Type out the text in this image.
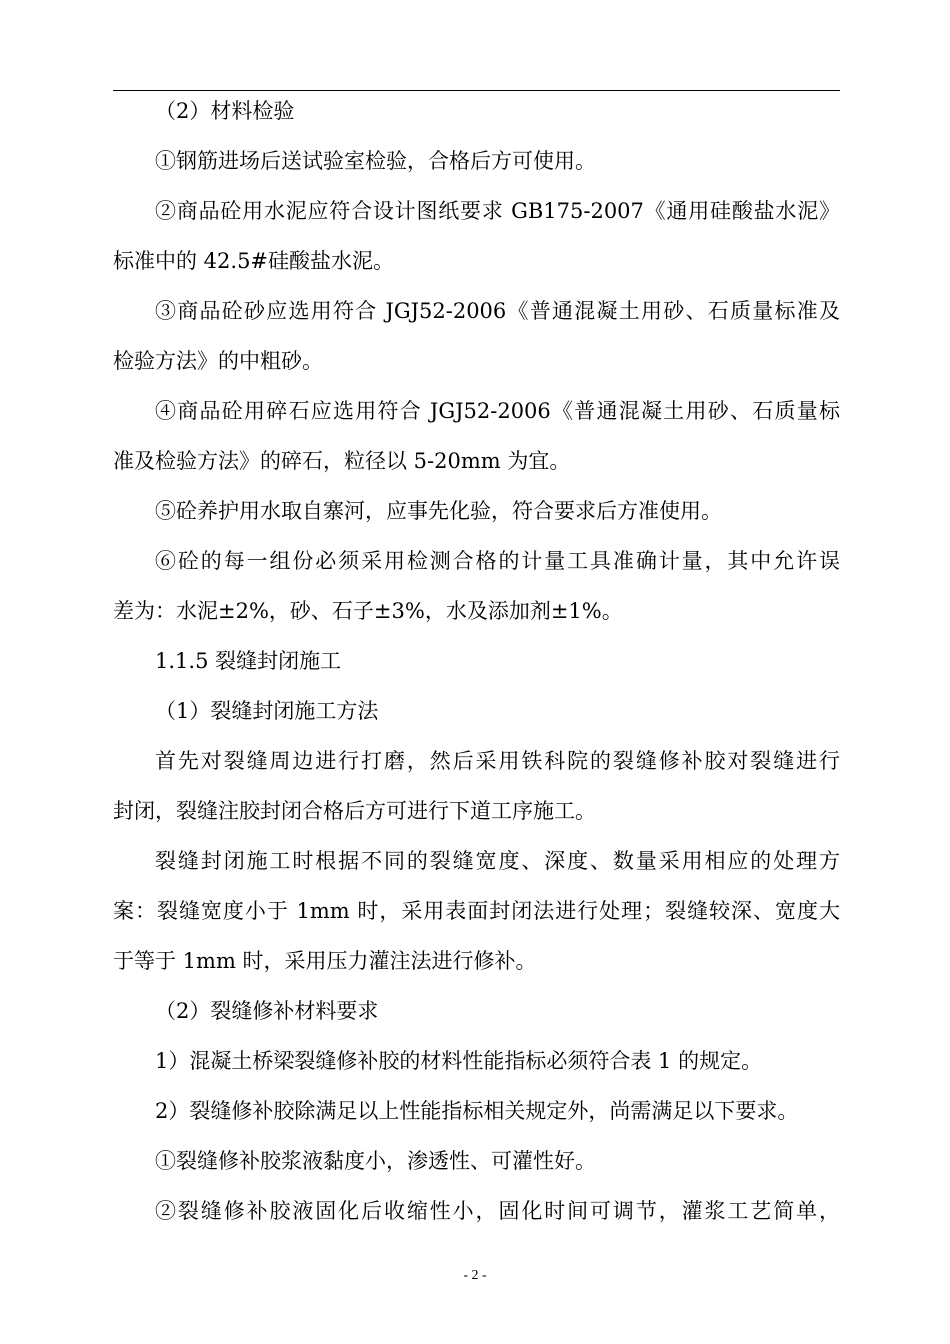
（2）材料检验
①钢筋进场后送试验室检验，合格后方可使用。
②商品砼用水泥应符合设计图纸要求 GB175-2007《通用硅酸盐水泥》
标准中的 42.5#硅酸盐水泥。
③商品砼砂应选用符合 JGJ52-2006《普通混凝土用砂、石质量标准及
检验方法》的中粗砂。
④商品砼用碎石应选用符合 JGJ52-2006《普通混凝土用砂、石质量标
准及检验方法》的碎石，粒径以 5-20mm 为宜。
⑤砼养护用水取自寨河，应事先化验，符合要求后方准使用。
⑥砼的每一组份必须采用检测合格的计量工具准确计量，其中允许误
差为：水泥±2%，砂、石子±3%，水及添加剂±1%。
1.1.5 裂缝封闭施工
（1）裂缝封闭施工方法
首先对裂缝周边进行打磨，然后采用铁科院的裂缝修补胶对裂缝进行
封闭，裂缝注胶封闭合格后方可进行下道工序施工。
裂缝封闭施工时根据不同的裂缝宽度、深度、数量采用相应的处理方
案：裂缝宽度小于 1mm 时，采用表面封闭法进行处理；裂缝较深、宽度大
于等于 1mm 时，采用压力灌注法进行修补。
（2）裂缝修补材料要求
1）混凝土桥梁裂缝修补胶的材料性能指标必须符合表 1 的规定。
2）裂缝修补胶除满足以上性能指标相关规定外，尚需满足以下要求。
①裂缝修补胶浆液黏度小，渗透性、可灌性好。
②裂缝修补胶液固化后收缩性小，固化时间可调节，灌浆工艺简单，
- 2 -
